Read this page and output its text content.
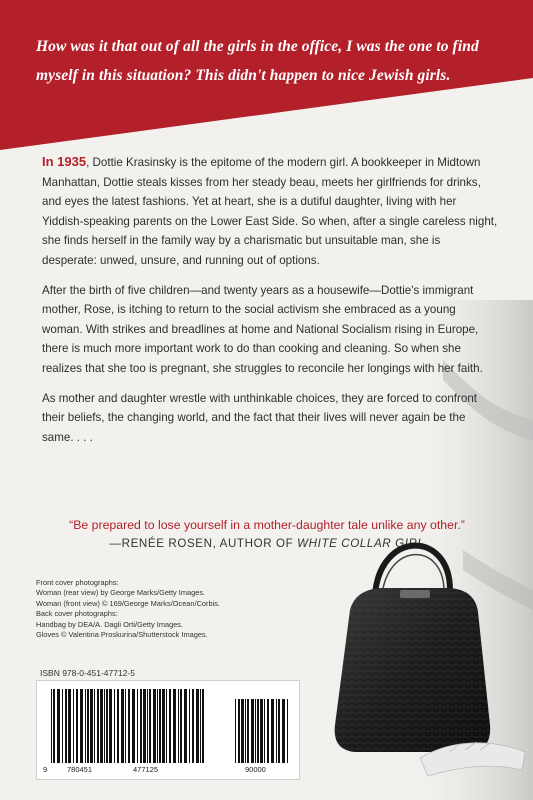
How was it that out of all the girls in the office, I was the one to find myself in this situation? This didn't happen to nice Jewish girls.

In 1935, Dottie Krasinsky is the epitome of the modern girl. A bookkeeper in Midtown Manhattan, Dottie steals kisses from her steady beau, meets her girlfriends for drinks, and eyes the latest fashions. Yet at heart, she is a dutiful daughter, living with her Yiddish-speaking parents on the Lower East Side. So when, after a single careless night, she finds herself in the family way by a charismatic but unsuitable man, she is desperate: unwed, unsure, and running out of options.

After the birth of five children—and twenty years as a housewife—Dottie's immigrant mother, Rose, is itching to return to the social activism she embraced as a young woman. With strikes and breadlines at home and National Socialism rising in Europe, there is much more important work to do than cooking and cleaning. So when she realizes that she too is pregnant, she struggles to reconcile her longings with her faith.

As mother and daughter wrestle with unthinkable choices, they are forced to confront their beliefs, the changing world, and the fact that their lives will never again be the same. . . .

“Be prepared to lose yourself in a mother-daughter tale unlike any other.”
—RENÉE ROSEN, AUTHOR OF WHITE COLLAR GIRL
Front cover photographs:
Woman (rear view) by George Marks/Getty Images.
Woman (front view) © 169/George Marks/Ocean/Corbis.
Back cover photographs:
Handbag by DEA/A. Dagli Orti/Getty Images.
Gloves © Valentina Proskurina/Shutterstock Images.
ISBN 978-0-451-47712-5
9	780451	477125	90000
